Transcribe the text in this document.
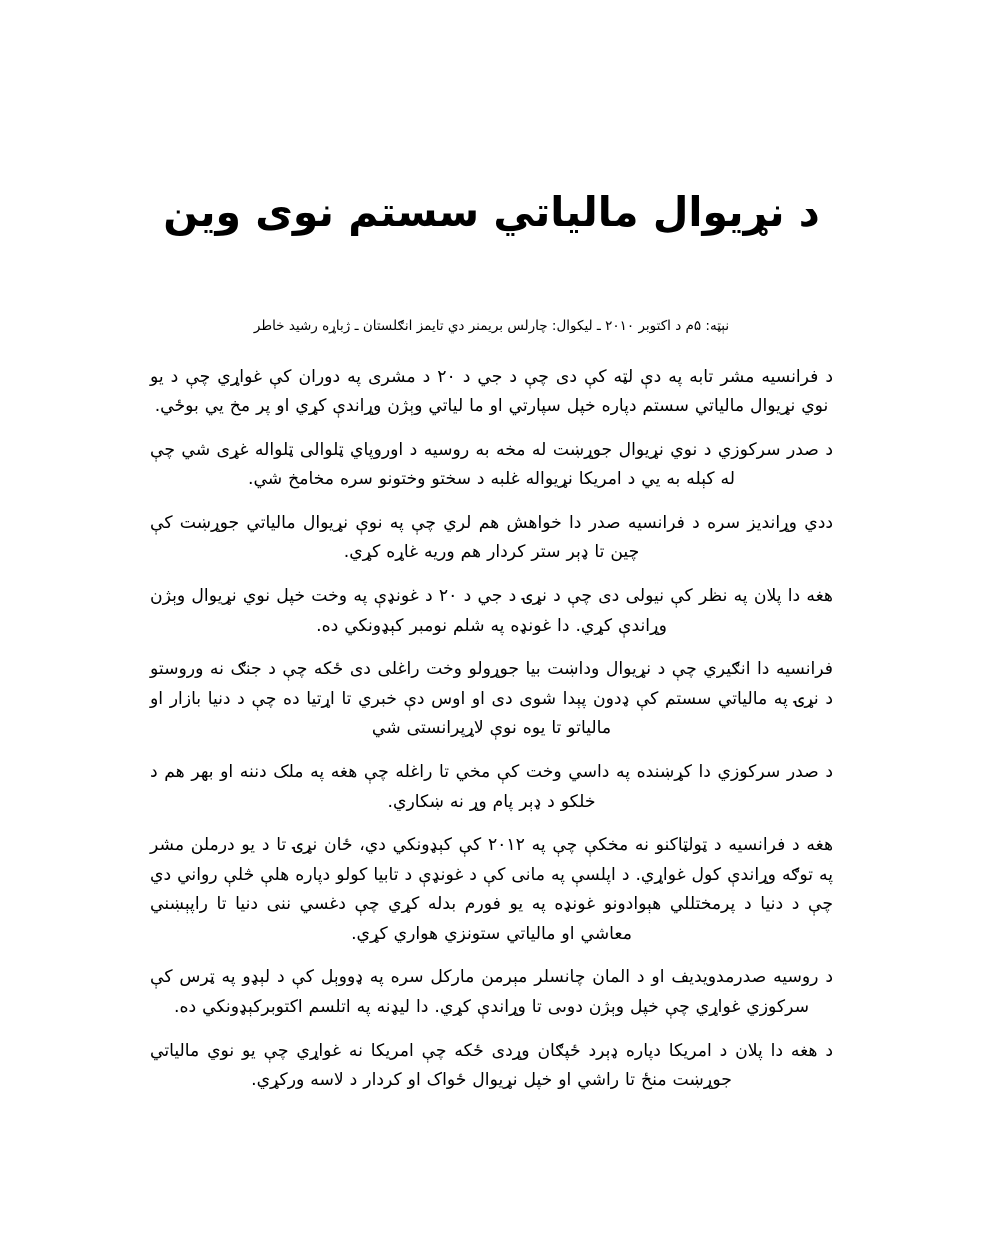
د نړيوال مالياتي سستم نوى وين
نېټه: ۵م د اکتوبر ۲۰۱۰ ـ لیکوال: چارلس بریمنر دي تایمز انګلستان ـ ژباړه رشید خاطر

د فرانسيه مشر تابه په دې لټه کې دى چې د جي د ۲۰ د مشرى په دوران کې غواړي چې د يو نوي نړيوال مالياتي سستم دپاره خپل سپارتي او ما لياتي وېژن وړاندې کړي او پر مخ يي بوځي.

د صدر سرکوزي د نوي نړيوال جوړښت له مخه به روسيه د اوروپاي ټلوالى ټلواله غړى شي چې له کېله به يي د امريکا نړيواله غلبه د سختو وختونو سره مخامخ شي.

ددي وړانديز سره د فرانسيه صدر دا خواهش هم لري چې په نوې نړيوال مالياتي جوړښت کې چين تا ډېر ستر کردار هم وريه غاړه کړي.

هغه دا پلان په نظر کې نيولى دى چې د نړۍ د جي د ۲۰ د غونډې په وخت خپل نوي نړيوال وېژن وړاندې کړي. دا غونډه په شلم نومبر کېډونکي ده.

فرانسيه دا انګيري چې د نړيوال وداښت بيا جوړولو وخت راغلى دى ځکه چې د جنګ نه وروستو د نړۍ په مالياتي سستم کې ډدون پېدا شوى دى او اوس دې خبري تا اړتيا ده چې د دنيا بازار او مالياتو تا يوه نوې لاړپرانستى شي

د صدر سرکوزي دا کړښنده په داسي وخت کې مخي تا راغله چې هغه په ملک دننه او بهر هم د خلکو د ډېر پام وړ نه ښکاري.

هغه د فرانسيه د ټولټاکنو نه مخکې چې په ۲۰۱۲ کې کېډونکي دي، ځان نړۍ تا د يو درملن مشر په توګه وړاندې کول غواړي. د اپلسې په مانى کې د غونډې د تابيا کولو دپاره هلې څلې رواني دي چې د دنيا د پرمختللي هېوادونو غونډه په يو فورم بدله کړي چې دغسي ننى دنيا تا راپېښني معاشي او مالياتي ستونزي هواري کړي.

د روسيه صدرمدويديف او د المان چانسلر مېرمن مارکل سره په ډووېل کې د لېډو په ټرس کې سرکوزي غواړي چې خپل وېژن دوىى تا وړاندې کړي. دا ليډنه په اتلسم اکتوبرکېډونکي ده.

د هغه دا پلان د امريکا دپاره ډېرد ځپګان وړدى ځکه چې امريکا نه غواړي چې يو نوي مالياتي جوړښت منځ تا راشي او خپل نړيوال ځواک او کردار د لاسه ورکړي.
